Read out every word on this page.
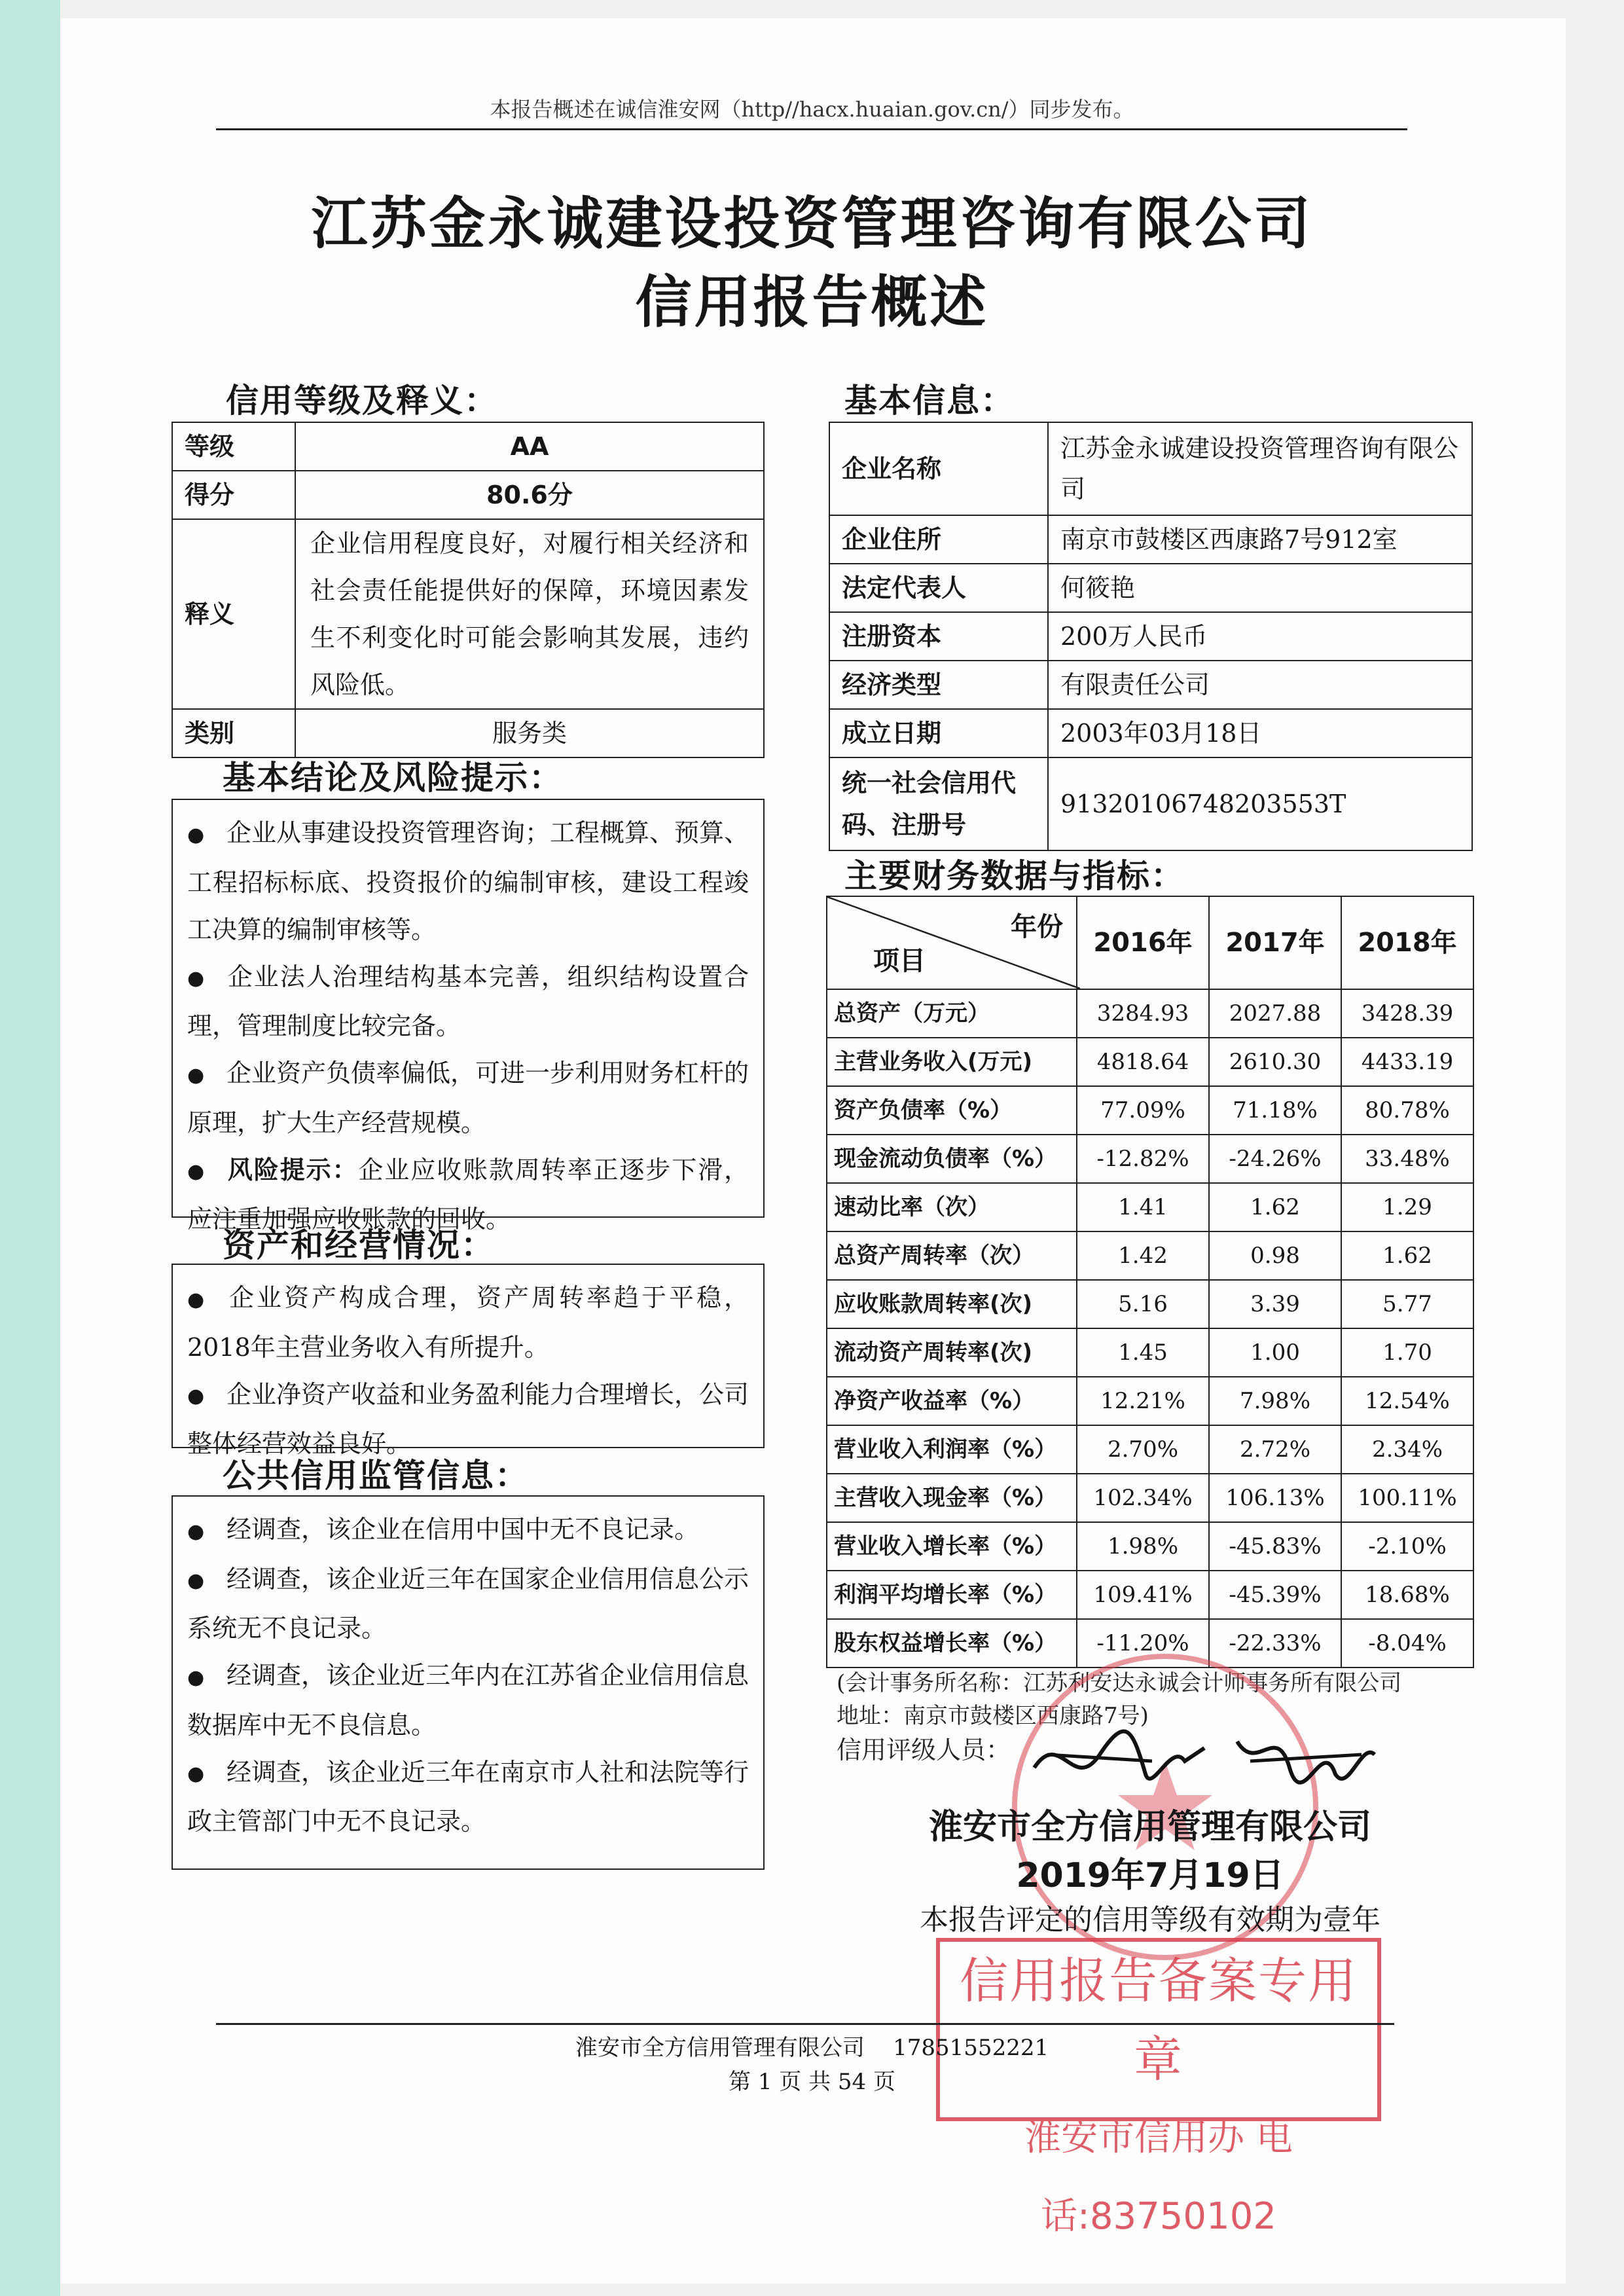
本报告概述在诚信淮安网（http//hacx.huaian.gov.cn/）同步发布。
江苏金永诚建设投资管理咨询有限公司
信用报告概述
信用等级及释义：
等级	AA
得分	80.6分
释义	企业信用程度良好，对履行相关经济和社会责任能提供好的保障，环境因素发生不利变化时可能会影响其发展，违约风险低。
类别	服务类
基本结论及风险提示：
● 企业从事建设投资管理咨询；工程概算、预算、工程招标标底、投资报价的编制审核，建设工程竣工决算的编制审核等。
● 企业法人治理结构基本完善，组织结构设置合理，管理制度比较完备。
● 企业资产负债率偏低，可进一步利用财务杠杆的原理，扩大生产经营规模。
● 风险提示：企业应收账款周转率正逐步下滑，应注重加强应收账款的回收。
资产和经营情况：
● 企业资产构成合理，资产周转率趋于平稳，2018年主营业务收入有所提升。
● 企业净资产收益和业务盈利能力合理增长，公司整体经营效益良好。
公共信用监管信息：
● 经调查，该企业在信用中国中无不良记录。
● 经调查，该企业近三年在国家企业信用信息公示系统无不良记录。
● 经调查，该企业近三年内在江苏省企业信用信息数据库中无不良信息。
● 经调查，该企业近三年在南京市人社和法院等行政主管部门中无不良记录。
基本信息：
企业名称	江苏金永诚建设投资管理咨询有限公司
企业住所	南京市鼓楼区西康路7号912室
法定代表人	何筱艳
注册资本	200万人民币
经济类型	有限责任公司
成立日期	2003年03月18日
统一社会信用代码、注册号	91320106748203553T
主要财务数据与指标：
年份
项目	2016年	2017年	2018年
总资产（万元）	3284.93	2027.88	3428.39
主营业务收入(万元)	4818.64	2610.30	4433.19
资产负债率（%）	77.09%	71.18%	80.78%
现金流动负债率（%）	-12.82%	-24.26%	33.48%
速动比率（次）	1.41	1.62	1.29
总资产周转率（次）	1.42	0.98	1.62
应收账款周转率(次)	5.16	3.39	5.77
流动资产周转率(次)	1.45	1.00	1.70
净资产收益率（%）	12.21%	7.98%	12.54%
营业收入利润率（%）	2.70%	2.72%	2.34%
主营收入现金率（%）	102.34%	106.13%	100.11%
营业收入增长率（%）	1.98%	-45.83%	-2.10%
利润平均增长率（%）	109.41%	-45.39%	18.68%
股东权益增长率（%）	-11.20%	-22.33%	-8.04%
(会计事务所名称：江苏利安达永诚会计师事务所有限公司
地址：南京市鼓楼区西康路7号)
信用评级人员：
淮安市全方信用管理有限公司
2019年7月19日
本报告评定的信用等级有效期为壹年
信用报告备案专用章
淮安市信用办 电话:83750102
淮安市全方信用管理有限公司 17851552221
第 1 页 共 54 页
